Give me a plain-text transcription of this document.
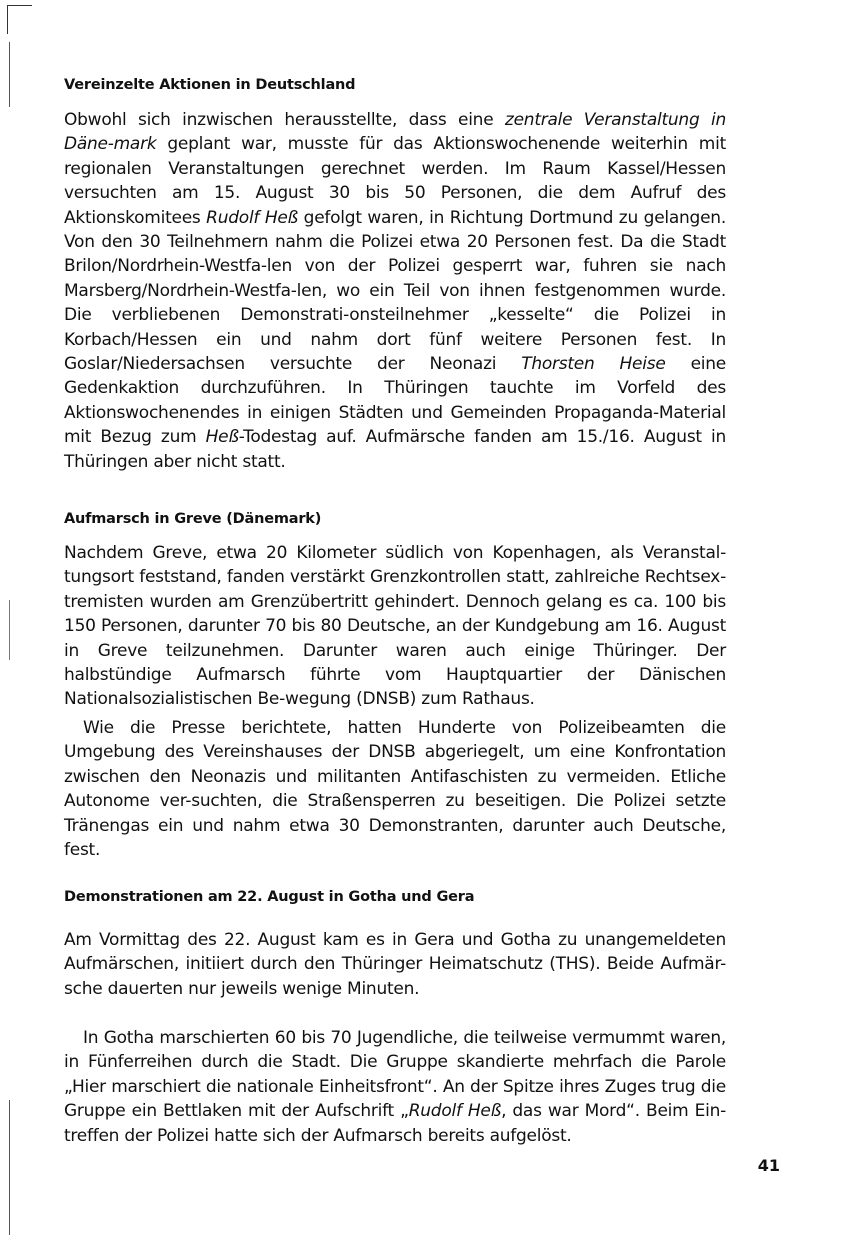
Vereinzelte Aktionen in Deutschland

Obwohl sich inzwischen herausstellte, dass eine zentrale Veranstaltung in Däne-mark geplant war, musste für das Aktionswochenende weiterhin mit regionalen Veranstaltungen gerechnet werden. Im Raum Kassel/Hessen versuchten am 15. August 30 bis 50 Personen, die dem Aufruf des Aktionskomitees Rudolf Heß gefolgt waren, in Richtung Dortmund zu gelangen. Von den 30 Teilnehmern nahm die Polizei etwa 20 Personen fest. Da die Stadt Brilon/Nordrhein-Westfa-len von der Polizei gesperrt war, fuhren sie nach Marsberg/Nordrhein-Westfa-len, wo ein Teil von ihnen festgenommen wurde. Die verbliebenen Demonstrati-onsteilnehmer „kesselte“ die Polizei in Korbach/Hessen ein und nahm dort fünf weitere Personen fest. In Goslar/Niedersachsen versuchte der Neonazi Thorsten Heise eine Gedenkaktion durchzuführen. In Thüringen tauchte im Vorfeld des Aktionswochenendes in einigen Städten und Gemeinden Propaganda-Material mit Bezug zum Heß-Todestag auf. Aufmärsche fanden am 15./16. August in Thüringen aber nicht statt.

Aufmarsch in Greve (Dänemark)

Nachdem Greve, etwa 20 Kilometer südlich von Kopenhagen, als Veranstal-tungsort feststand, fanden verstärkt Grenzkontrollen statt, zahlreiche Rechtsex-tremisten wurden am Grenzübertritt gehindert. Dennoch gelang es ca. 100 bis 150 Personen, darunter 70 bis 80 Deutsche, an der Kundgebung am 16. August in Greve teilzunehmen. Darunter waren auch einige Thüringer. Der halbstündige Aufmarsch führte vom Hauptquartier der Dänischen Nationalsozialistischen Be-wegung (DNSB) zum Rathaus.

Wie die Presse berichtete, hatten Hunderte von Polizeibeamten die Umgebung des Vereinshauses der DNSB abgeriegelt, um eine Konfrontation zwischen den Neonazis und militanten Antifaschisten zu vermeiden. Etliche Autonome ver-suchten, die Straßensperren zu beseitigen. Die Polizei setzte Tränengas ein und nahm etwa 30 Demonstranten, darunter auch Deutsche, fest.

Demonstrationen am 22. August in Gotha und Gera

Am Vormittag des 22. August kam es in Gera und Gotha zu unangemeldeten Aufmärschen, initiiert durch den Thüringer Heimatschutz (THS). Beide Aufmär-sche dauerten nur jeweils wenige Minuten.

In Gotha marschierten 60 bis 70 Jugendliche, die teilweise vermummt waren, in Fünferreihen durch die Stadt. Die Gruppe skandierte mehrfach die Parole „Hier marschiert die nationale Einheitsfront“. An der Spitze ihres Zuges trug die Gruppe ein Bettlaken mit der Aufschrift „Rudolf Heß, das war Mord“. Beim Ein-treffen der Polizei hatte sich der Aufmarsch bereits aufgelöst.

41
